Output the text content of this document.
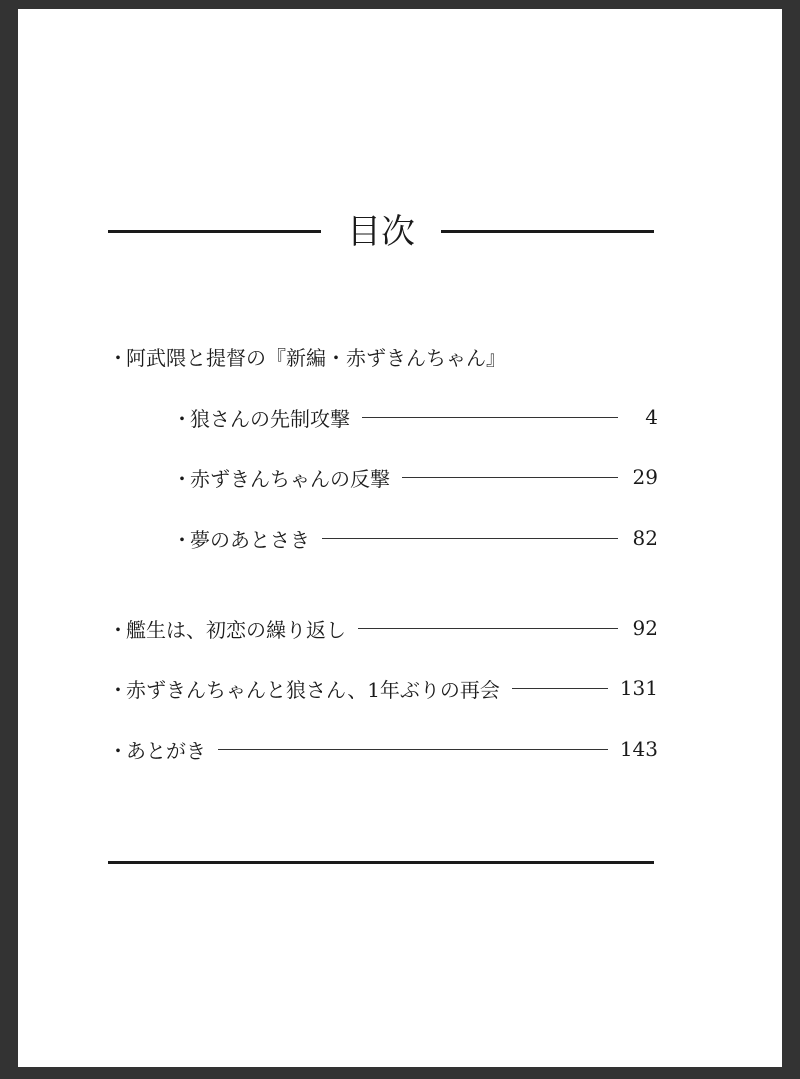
目次
・
阿武隈と提督の『新編・赤ずきんちゃん』
・
狼さんの先制攻撃	4
・
赤ずきんちゃんの反撃	29
・
夢のあとさき	82
・
艦生は、初恋の繰り返し	92
・
赤ずきんちゃんと狼さん、1年ぶりの再会	131
・
あとがき	143
